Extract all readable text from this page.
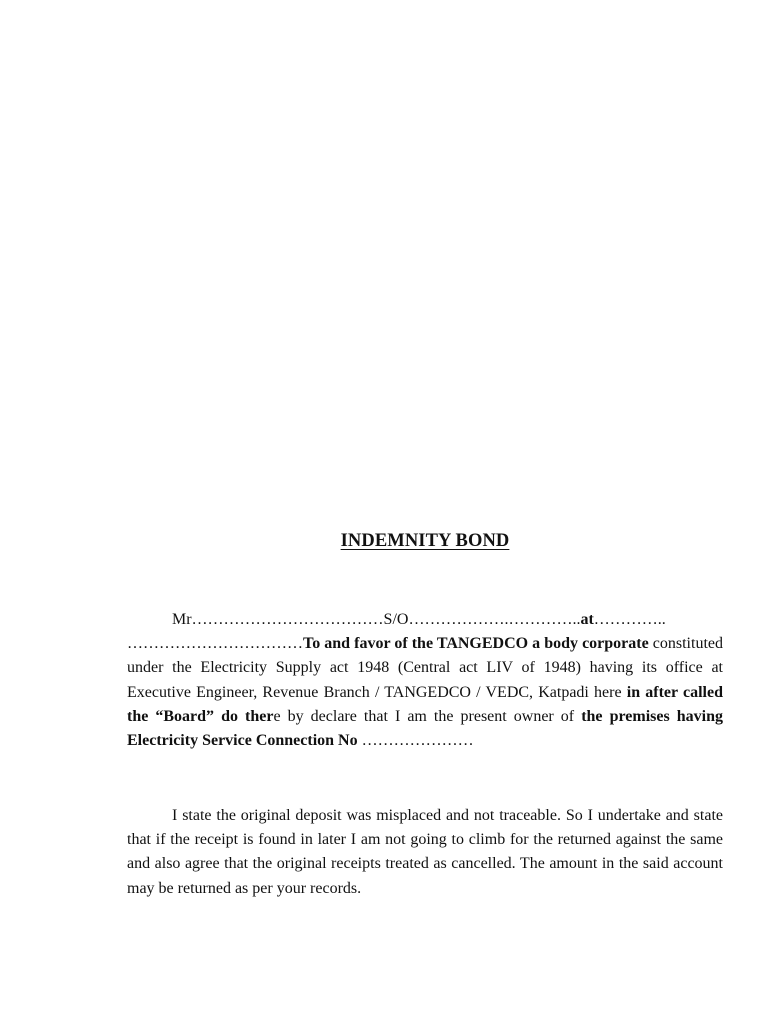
INDEMNITY BOND

Mr………………………………S/O……………….…………..at………….. ……………………………To and favor of the TANGEDCO a body corporate constituted under the Electricity Supply act 1948 (Central act LIV of 1948) having its office at Executive Engineer, Revenue Branch / TANGEDCO / VEDC, Katpadi here in after called the “Board” do there by declare that I am the present owner of the premises having Electricity Service Connection No …………………

I state the original deposit was misplaced and not traceable. So I undertake and state that if the receipt is found in later I am not going to climb for the returned against the same and also agree that the original receipts treated as cancelled. The amount in the said account may be returned as per your records.
